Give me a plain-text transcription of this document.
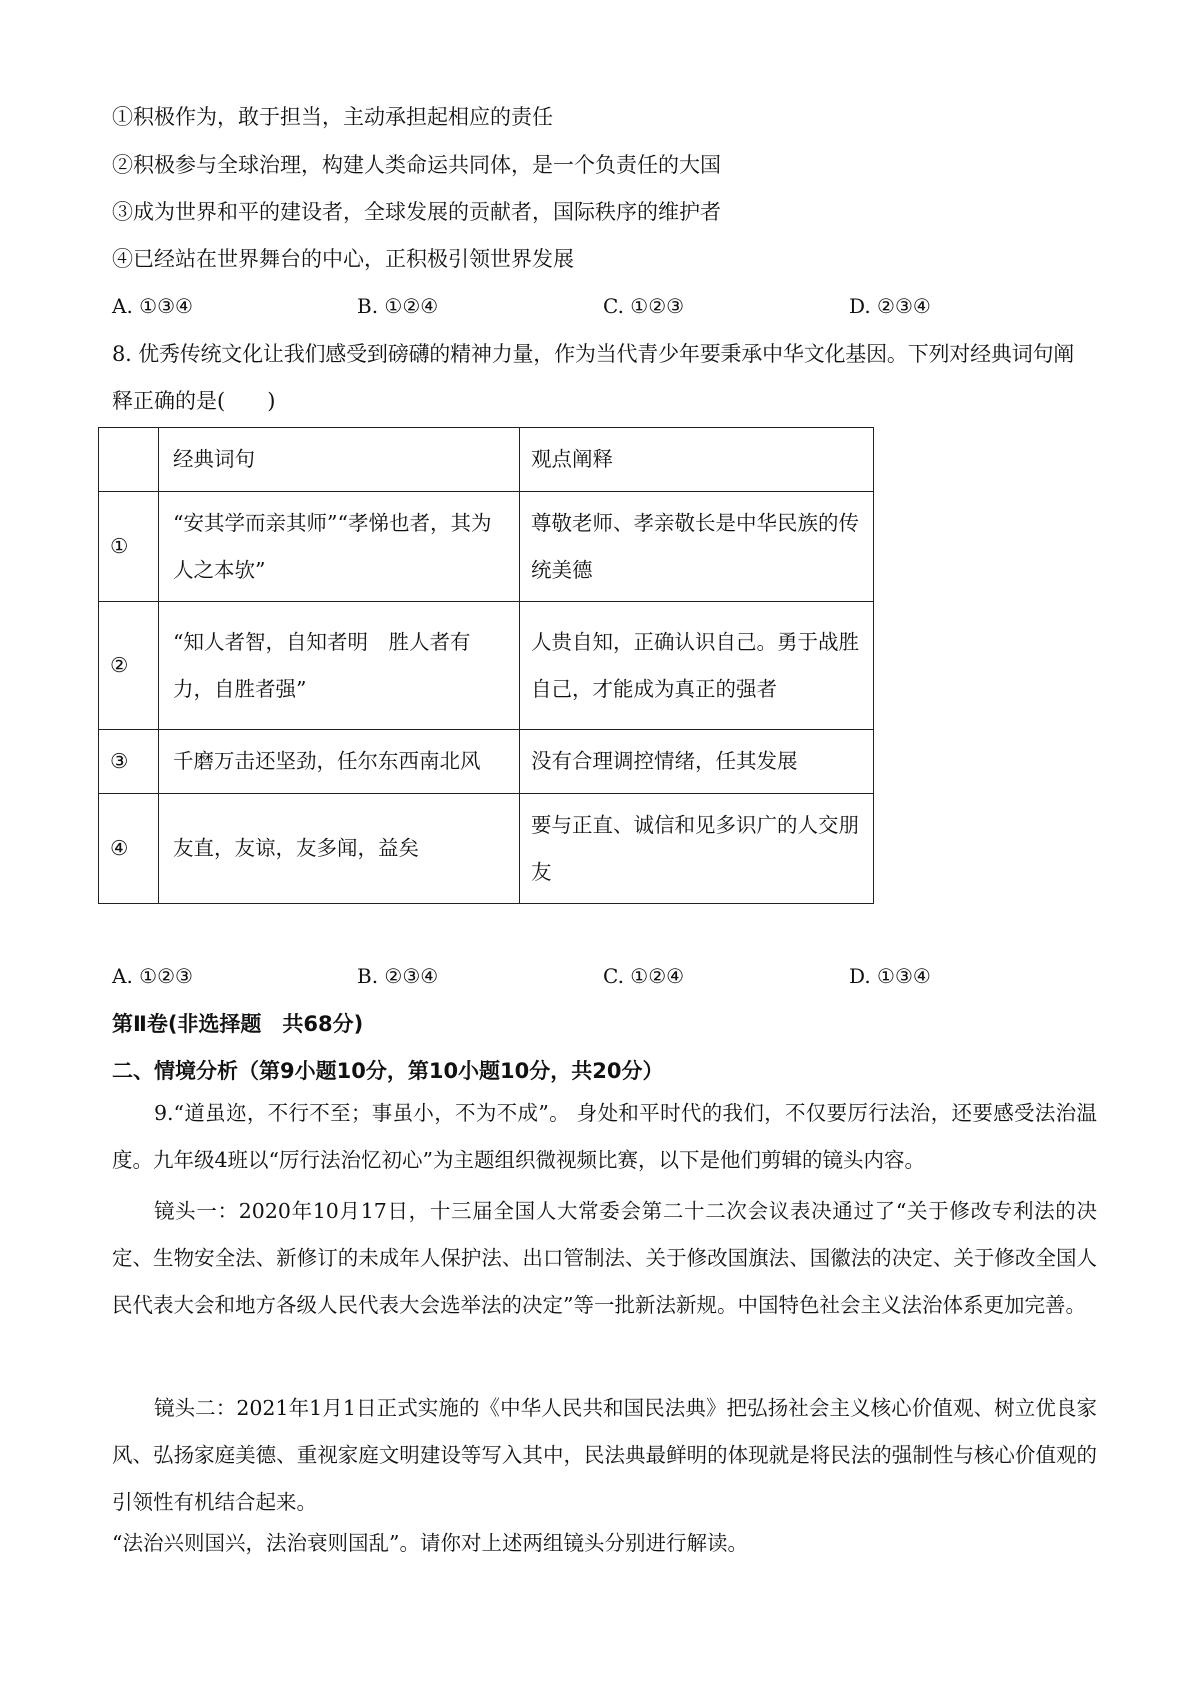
①积极作为，敢于担当，主动承担起相应的责任
②积极参与全球治理，构建人类命运共同体，是一个负责任的大国
③成为世界和平的建设者，全球发展的贡献者，国际秩序的维护者
④已经站在世界舞台的中心，正积极引领世界发展
A. ①③④	B. ①②④	C. ①②③	D. ②③④
8. 优秀传统文化让我们感受到磅礴的精神力量，作为当代青少年要秉承中华文化基因。下列对经典词句阐
释正确的是(　　)
	经典词句	观点阐释
①	“安其学而亲其师”“孝悌也者，其为人之本欤”	尊敬老师、孝亲敬长是中华民族的传统美德
②	“知人者智，自知者明　胜人者有力，自胜者强”	人贵自知，正确认识自己。勇于战胜自己，才能成为真正的强者
③	千磨万击还坚劲，任尔东西南北风	没有合理调控情绪，任其发展
④	友直，友谅，友多闻，益矣	要与正直、诚信和见多识广的人交朋友
A. ①②③	B. ②③④	C. ①②④	D. ①③④
第Ⅱ卷(非选择题　共68分)
二、情境分析（第9小题10分，第10小题10分，共20分）
9.“道虽迩，不行不至；事虽小，不为不成”。 身处和平时代的我们，不仅要厉行法治，还要感受法治温度。九年级4班以“厉行法治忆初心”为主题组织微视频比赛，以下是他们剪辑的镜头内容。
镜头一：2020年10月17日，十三届全国人大常委会第二十二次会议表决通过了“关于修改专利法的决定、生物安全法、新修订的未成年人保护法、出口管制法、关于修改国旗法、国徽法的决定、关于修改全国人民代表大会和地方各级人民代表大会选举法的决定”等一批新法新规。中国特色社会主义法治体系更加完善。
镜头二：2021年1月1日正式实施的《中华人民共和国民法典》把弘扬社会主义核心价值观、树立优良家风、弘扬家庭美德、重视家庭文明建设等写入其中，民法典最鲜明的体现就是将民法的强制性与核心价值观的引领性有机结合起来。
“法治兴则国兴，法治衰则国乱”。请你对上述两组镜头分别进行解读。
